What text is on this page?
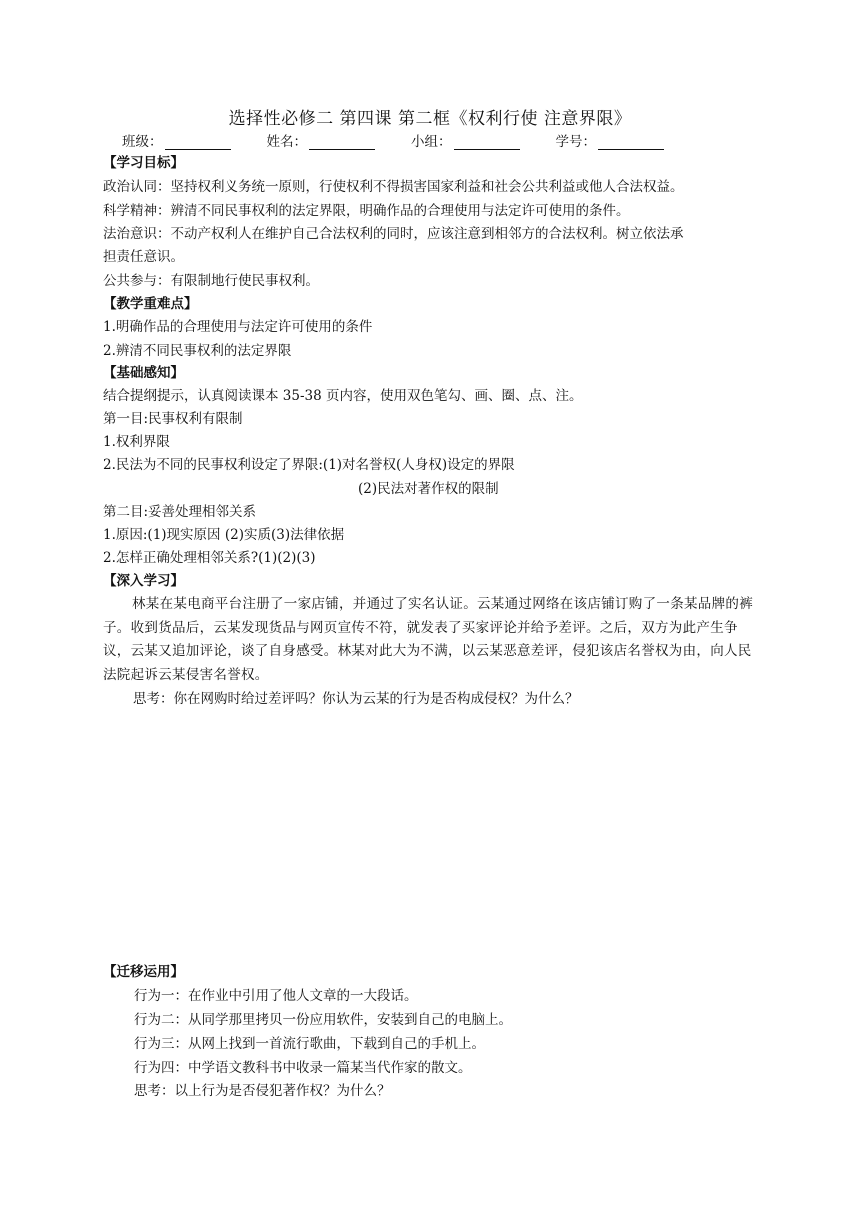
选择性必修二 第四课 第二框《权利行使 注意界限》
班级：	姓名：	小组：	学号：
【学习目标】
政治认同：坚持权利义务统一原则，行使权利不得损害国家利益和社会公共利益或他人合法权益。
科学精神：辨清不同民事权利的法定界限，明确作品的合理使用与法定许可使用的条件。
法治意识：不动产权利人在维护自己合法权利的同时，应该注意到相邻方的合法权利。树立依法承
担责任意识。
公共参与：有限制地行使民事权利。
【教学重难点】
1.明确作品的合理使用与法定许可使用的条件
2.辨清不同民事权利的法定界限
【基础感知】
结合提纲提示，认真阅读课本 35-38 页内容，使用双色笔勾、画、圈、点、注。
第一目:民事权利有限制
1.权利界限
2.民法为不同的民事权利设定了界限:(1)对名誉权(人身权)设定的界限
(2)民法对著作权的限制
第二目:妥善处理相邻关系
1.原因:(1)现实原因 (2)实质(3)法律依据
2.怎样正确处理相邻关系?(1)(2)(3)
【深入学习】
林某在某电商平台注册了一家店铺，并通过了实名认证。云某通过网络在该店铺订购了一条某品牌的裤子。收到货品后，云某发现货品与网页宣传不符，就发表了买家评论并给予差评。之后，双方为此产生争议，云某又追加评论，谈了自身感受。林某对此大为不满，以云某恶意差评，侵犯该店名誉权为由，向人民法院起诉云某侵害名誉权。
思考：你在网购时给过差评吗？你认为云某的行为是否构成侵权？为什么？
【迁移运用】
行为一：在作业中引用了他人文章的一大段话。
行为二：从同学那里拷贝一份应用软件，安装到自己的电脑上。
行为三：从网上找到一首流行歌曲，下载到自己的手机上。
行为四：中学语文教科书中收录一篇某当代作家的散文。
思考：以上行为是否侵犯著作权？为什么？
